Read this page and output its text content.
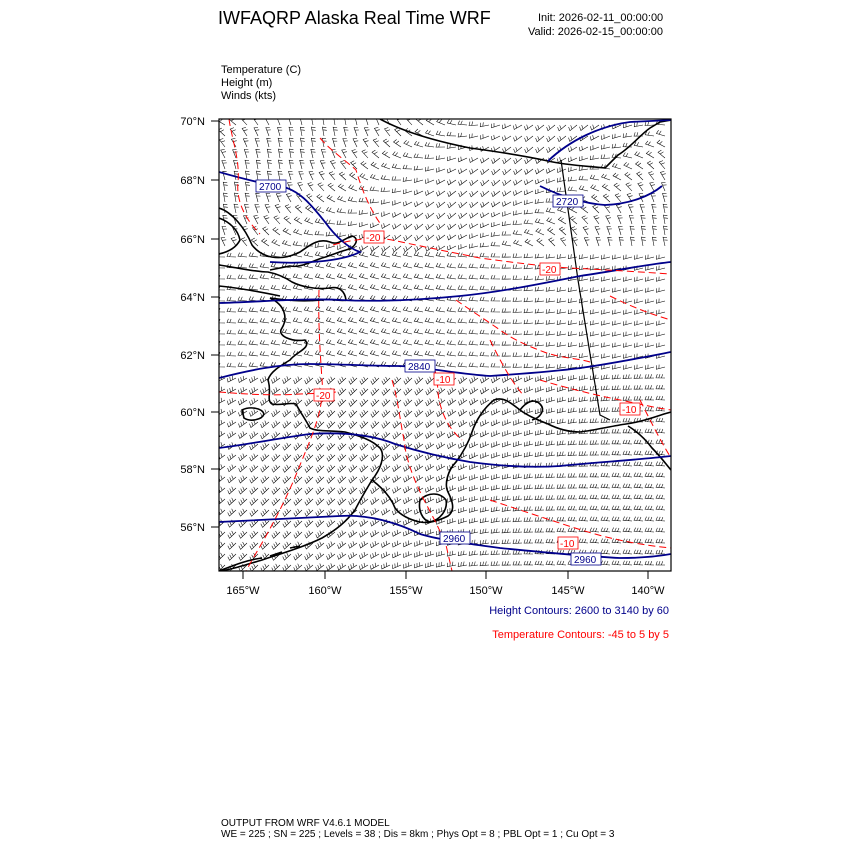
IWFAQRP Alaska Real Time WRF	Init: 2026-02-11_00:00:00
Valid: 2026-02-15_00:00:00
Temperature (C)
Height (m)
Winds (kts)
2700
2720
2840
2960
2960
-20
-20
-20
-10
-10
-10
70°N
68°N
66°N
64°N
62°N
60°N
58°N
56°N
165°W	160°W	155°W	150°W	145°W	140°W
Height Contours: 2600 to 3140 by 60
Temperature Contours: -45 to 5 by 5
OUTPUT FROM WRF V4.6.1 MODEL
WE = 225 ; SN = 225 ; Levels = 38 ; Dis = 8km ; Phys Opt = 8 ; PBL Opt = 1 ; Cu Opt = 3
